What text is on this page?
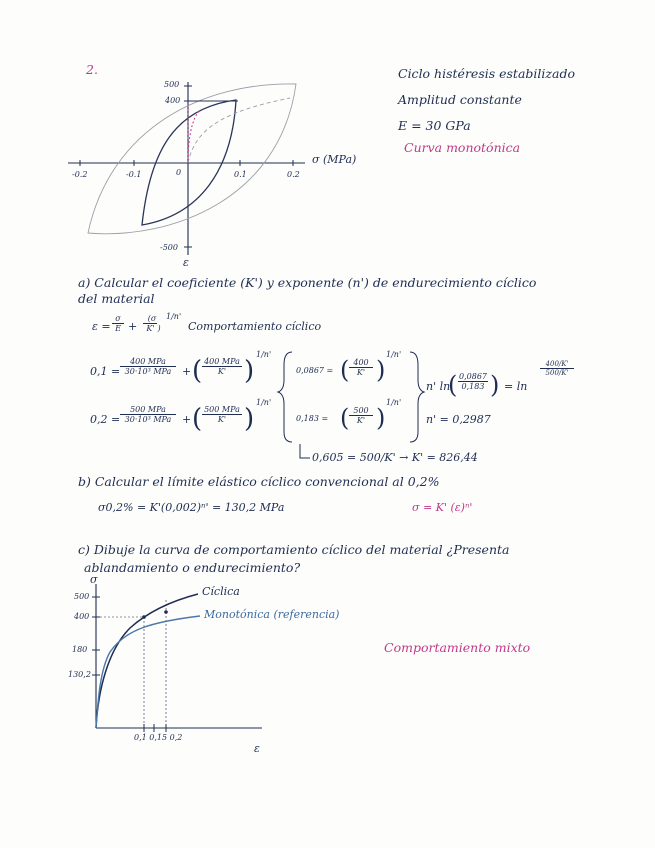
2.
500
400
-500
-0.2	-0.1	0	0.1	0.2
ε
σ (MPa)
Ciclo histéresis estabilizado
Amplitud constante
E = 30 GPa
Curva monotónica
a) Calcular el coeficiente (K') y exponente (n') de endurecimiento cíclico
del material
ε =
σ
E +
(σ
K' )
1/n'
Comportamiento cíclico
0,1 =
400 MPa
30·10³ MPa + ( 400 MPa
K' )
1/n'
0,2 =
500 MPa
30·10³ MPa + ( 500 MPa
K' )
1/n'
0,0867 = (
$\frac{400}{K'}$ )
1/n'
0,183 = (
$\frac{500}{K'}$ )
1/n'
n' ln
(
$\frac{0,0867}{0,183}$ ) = ln
400/K'
500/K'
n' = 0,2987
0,605 = 500/K' → K' = 826,44
b) Calcular el límite elástico cíclico convencional al 0,2%
σ0,2% = K'(0,002)ⁿ' = 130,2 MPa	σ = K' (ε)ⁿ'
c) Dibuje la curva de comportamiento cíclico del material ¿Presenta
ablandamiento o endurecimiento?
σ
500
400
180
130,2
0,1 0,15 0,2
ε
Cíclica
Monotónica (referencia)
Comportamiento mixto
